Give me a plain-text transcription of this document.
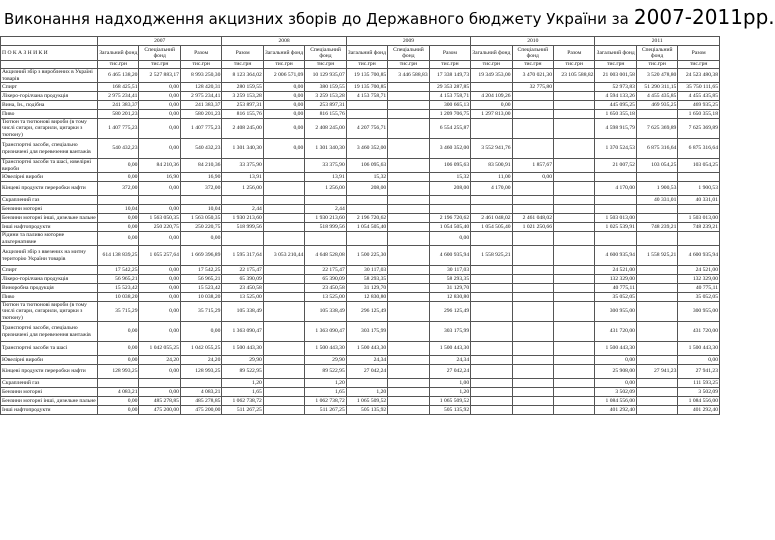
Виконання надходження акцизних зборів до Державного бюджету України за 2007-2011рр.
	2007			2008			2009			2010			2011		
П О К А З Н И К И	Загальний фонд	Спеціальний фонд	Разом	Разом	Загальний фонд	Спеціальний фонд	Загальний фонд	Спеціальний фонд	Разом	Загальний фонд	Спеціальний фонд	Разом	Загальний фонд	Спеціальний фонд	Разом
	тис.грн	тис.грн	тис.грн	тис.грн	тис.грн	тис.грн	тис.грн	тис.грн	тис.грн	тис.грн	тис.грн	тис.грн	тис.грн	тис.грн	тис.грн
Акцизний збір з вироблених в Україні товарів	6 465 138,20	2 527 883,17	8 993 250,30	8 123 364,02	2 006 571,09	10 129 935,07	19 135 700,85	3 446 588,83	17 338 149,73	19 349 353,00	3 470 021,30	23 105 588,82	21 003 001,58	3 520 478,80	24 523 480,38
Спирт	168 425,51	0,00	128 420,31	280 159,55	0,00	380 159,55	19 135 700,85		29 353 287,85		32 775,80		52 973,83	51 290 311,15	35 750 111,65
Лікеро-горілчана продукція	2 975 234,41	0,00	2 975 234,41	3 259 153,28	0,00	3 259 153,28	4 153 758,71		4 153 758,71	4 204 109,26			4 594 133,26	4 455 435,85	4 455 435,85
Вина, Ін., подібна	241 383,37	0,00	241 383,37	253 897,31	0,00	253 897,31			300 665,13	0,00			445 095,25	469 935,25	469 935,25
Пиво	580 201,23	0,00	580 201,23	816 155,76	0,00	816 155,76			1 209 706,75	1 297 813,00			1 650 355,18		1 650 355,18
Тютюн та тютюнові вироби (в тому числі сигари, сигарили, цигарки з тютюну)	1 407 775,23	0,00	1 407 775,23	2 408 245,00	0,00	2 408 245,00	4 207 756,71		6 554 255,87				4 598 915,79	7 625 369,89	7 625 369,89
Транспортні засоби, спеціально призначені для перевезення вантажів	540 432,23	0,00	540 432,23	1 301 340,30	0,00	1 301 340,30	3 460 352,00		3 460 352,00	3 552 941,76			1 370 524,53	6 875 316,64	6 875 316,64
Транспортні засоби та шасі, ювелірні вироби	0,00	84 210,36	84 210,36	33 375,90		33 375,90	106 095,63		106 095,63	83 500,91	1 857,67		21 007,52	103 054,25	103 054,25
Ювелірні вироби	0,00	16,90	16,90	13,91		13,91	15,32		15,32	11,00	0,00				
Кінцеві продукти переробки нафти	372,00	0,00	372,00	1 256,00		1 256,00	208,00		208,00	4 170,00			4 170,00	1 900,53	1 900,53
Скраплений газ														40 331,01	40 331,01
Бензини моторні	10,04	0,00	10,04	2,44		2,44									
Бензини моторні інші, дизельне пальне	0,00	1 563 050,35	1 563 050,35	1 930 213,60		1 930 213,60	2 196 720,62		2 196 720,62	2 461 048,02	2 461 048,02		1 503 013,00		1 503 013,00
Інші нафтопродукти	0,00	250 220,75	250 220,75	518 999,56		518 999,56	1 054 505,40		1 054 505,40	1 054 505,40	1 021 250,66		1 025 539,91	748 239,21	748 239,21
Рідини та паливо моторне альтернативне	0,00	0,00	0,00						0,00						
Акцизний збір з ввезених на митну територію України товарів	614 138 839,25	1 055 257,64	1 669 396,89	1 595 317,64	3 053 210,44	4 648 528,08	1 500 225,30		4 600 935,94	1 558 925,21			4 600 935,94	1 558 925,21	4 600 935,94
Спирт	17 542,25	0,00	17 542,25	22 175,47		22 175,47	30 117,03		30 117,03				24 521,00		24 521,00
Лікеро-горілчана продукція	56 965,21	0,00	56 965,21	65 390,09		65 390,09	58 293,35		58 293,35				132 329,00		132 329,00
Виноробна продукція	15 523,42	0,00	15 523,42	23 450,58		23 450,58	31 129,70		31 129,70				40 775,11		40 775,11
Пиво	10 038,20	0,00	10 038,20	13 525,00		13 525,00	12 830,80		12 830,80				35 052,05		35 052,05
Тютюн та тютюнові вироби (в тому числі сигари, сигарили, цигарки з тютюну)	35 715,29	0,00	35 715,29	105 338,49		105 338,49	296 125,49		296 125,49				300 955,00		300 955,00
Транспортні засоби, спеціально призначені для перевезення вантажів	0,00	0,00	0,00	1 363 090,47		1 363 090,47	303 175,99		303 175,99				431 720,00		431 720,00
Транспортні засоби та шасі	0,00	1 042 055,25	1 042 055,25	1 500 443,30		1 500 443,30	1 500 443,30		1 500 443,30				1 500 443,30		1 500 443,30
Ювелірні вироби	0,00	24,20	24,20	29,90		29,90	24,34		24,34				0,00		0,00
Кінцеві продукти переробки нафти	128 993,25	0,00	128 993,25	89 522,95		89 522,95	27 042,24		27 042,24				25 908,00	27 941,23	27 941,23
Скраплений газ				1,20		1,20			1,00				0,00		111 593,25
Бензини моторні	4 083,21	0,00	4 083,21	1,65		1,65	1,20		1,20				3 502,09		3 502,09
Бензини моторні інші, дизельне пальне	0,00	485 278,85	485 278,85	1 062 738,72		1 062 738,72	1 065 509,52		1 065 509,52				1 084 556,00		1 084 556,00
Інші нафтопродукти	0,00	475 200,00	475 200,00	511 267,25		511 267,25	505 135,92		505 135,92				401 292,40		401 292,40
